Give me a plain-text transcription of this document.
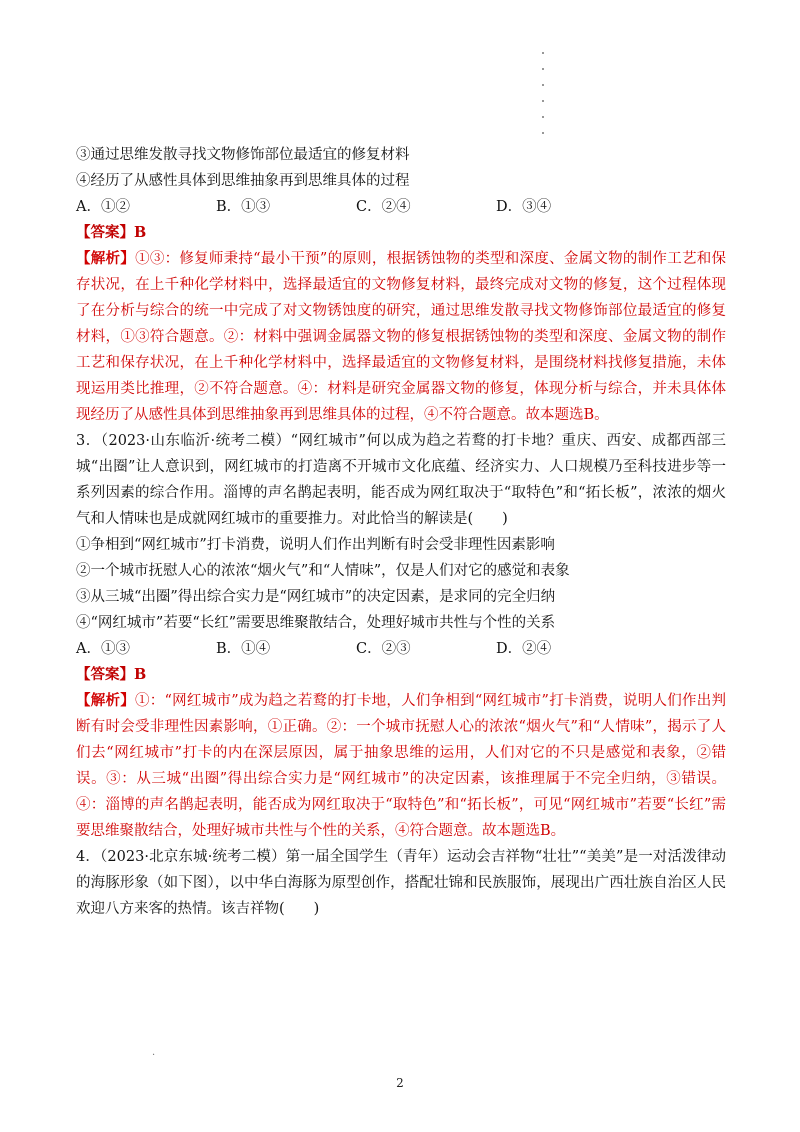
③通过思维发散寻找文物修饰部位最适宜的修复材料
④经历了从感性具体到思维抽象再到思维具体的过程
A．①②	B．①③	C．②④	D．③④
【答案】B
【解析】①③：修复师秉持“最小干预”的原则，根据锈蚀物的类型和深度、金属文物的制作工艺和保存状况，在上千种化学材料中，选择最适宜的文物修复材料，最终完成对文物的修复，这个过程体现了在分析与综合的统一中完成了对文物锈蚀度的研究，通过思维发散寻找文物修饰部位最适宜的修复材料，①③符合题意。②：材料中强调金属器文物的修复根据锈蚀物的类型和深度、金属文物的制作工艺和保存状况，在上千种化学材料中，选择最适宜的文物修复材料，是围绕材料找修复措施，未体现运用类比推理，②不符合题意。④：材料是研究金属器文物的修复，体现分析与综合，并未具体体现经历了从感性具体到思维抽象再到思维具体的过程，④不符合题意。故本题选B。
3．（2023·山东临沂·统考二模）“网红城市”何以成为趋之若鹜的打卡地？重庆、西安、成都西部三城“出圈”让人意识到，网红城市的打造离不开城市文化底蕴、经济实力、人口规模乃至科技进步等一系列因素的综合作用。淄博的声名鹊起表明，能否成为网红取决于“取特色”和“拓长板”，浓浓的烟火气和人情味也是成就网红城市的重要推力。对此恰当的解读是(　　)
①争相到“网红城市”打卡消费，说明人们作出判断有时会受非理性因素影响
②一个城市抚慰人心的浓浓“烟火气”和“人情味”，仅是人们对它的感觉和表象
③从三城“出圈”得出综合实力是“网红城市”的决定因素，是求同的完全归纳
④“网红城市”若要“长红”需要思维聚散结合，处理好城市共性与个性的关系
A．①③	B．①④	C．②③	D．②④
【答案】B
【解析】①：“网红城市”成为趋之若鹜的打卡地，人们争相到“网红城市”打卡消费，说明人们作出判断有时会受非理性因素影响，①正确。②：一个城市抚慰人心的浓浓“烟火气”和“人情味”，揭示了人们去“网红城市”打卡的内在深层原因，属于抽象思维的运用，人们对它的不只是感觉和表象，②错误。③：从三城“出圈”得出综合实力是“网红城市”的决定因素，该推理属于不完全归纳，③错误。④：淄博的声名鹊起表明，能否成为网红取决于“取特色”和“拓长板”，可见“网红城市”若要“长红”需要思维聚散结合，处理好城市共性与个性的关系，④符合题意。故本题选B。
4．（2023·北京东城·统考二模）第一届全国学生（青年）运动会吉祥物“壮壮”“美美”是一对活泼律动的海豚形象（如下图），以中华白海豚为原型创作，搭配壮锦和民族服饰，展现出广西壮族自治区人民欢迎八方来客的热情。该吉祥物(　　)
·
2
